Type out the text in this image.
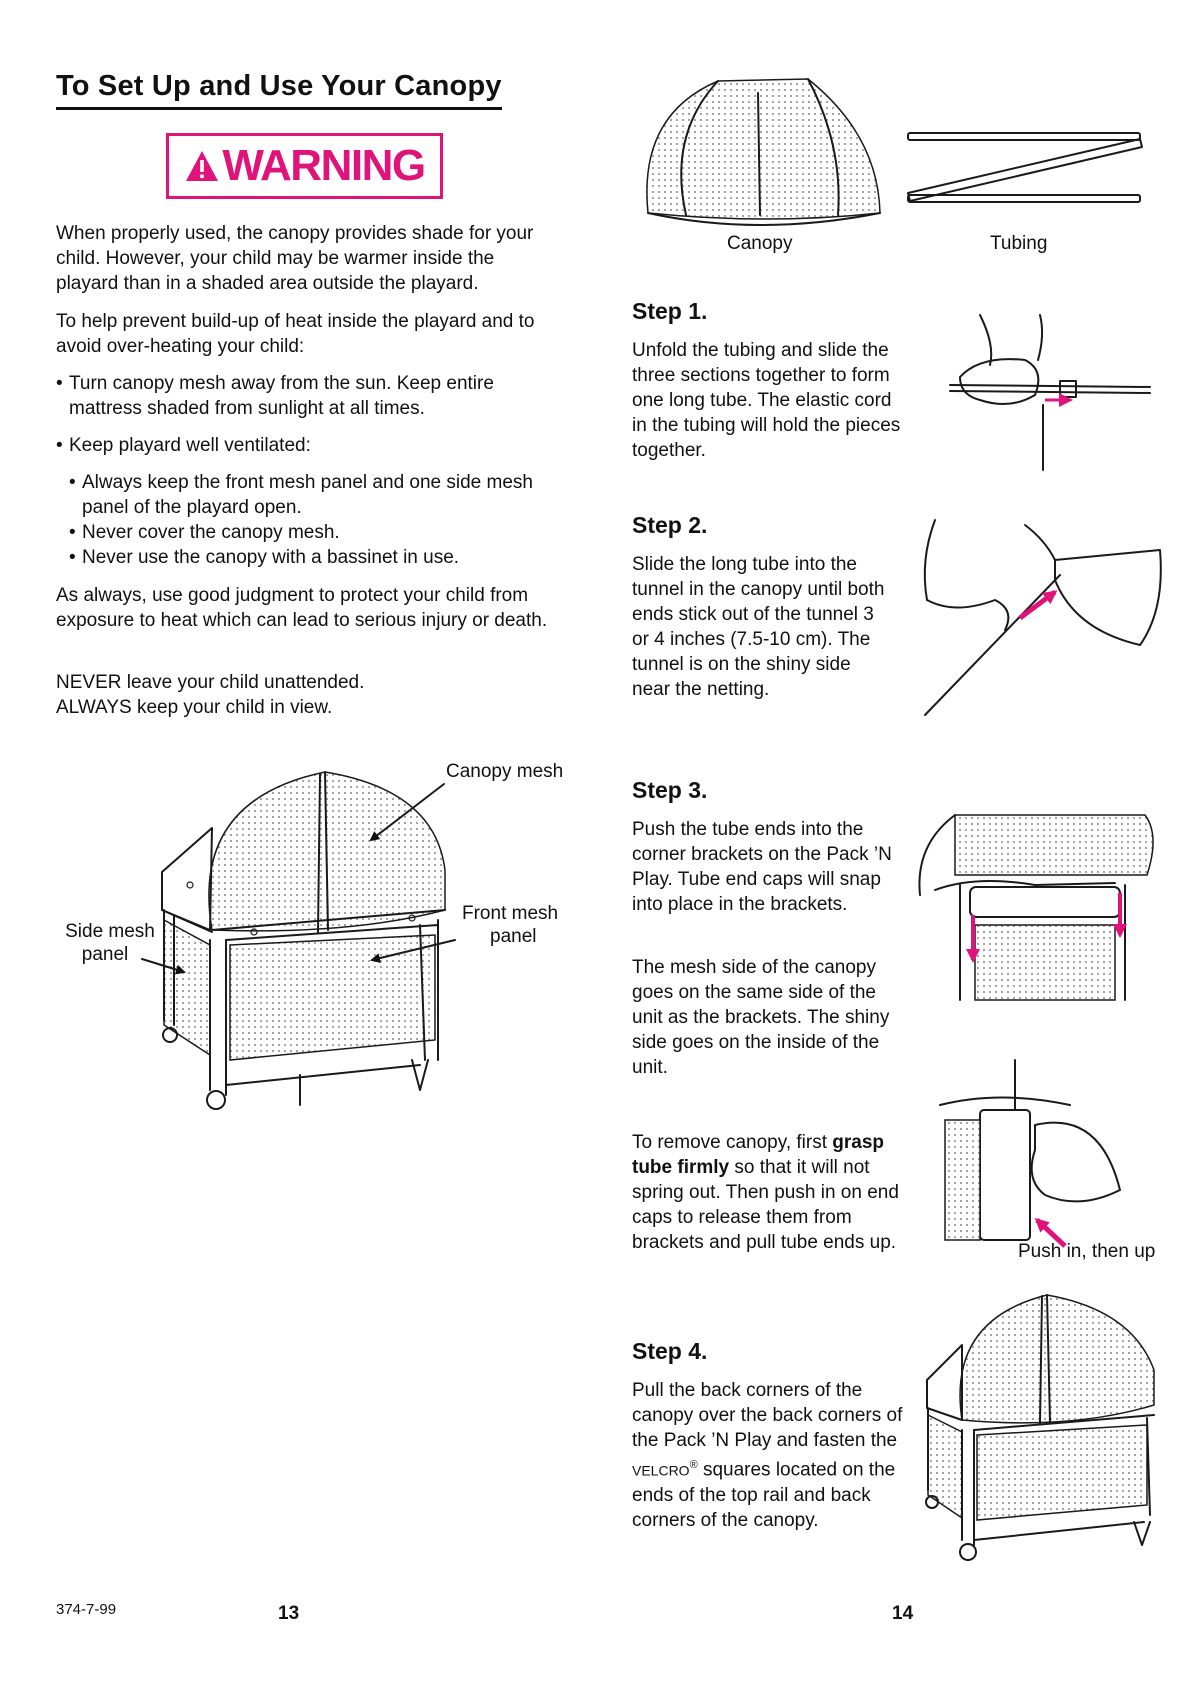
To Set Up and Use Your Canopy
WARNING

When properly used, the canopy provides shade for your child. However, your child may be warmer inside the playard than in a shaded area outside the playard.

To help prevent build-up of heat inside the playard and to avoid over-heating your child:

• Turn canopy mesh away from the sun. Keep entire mattress shaded from sunlight at all times.
• Keep playard well ventilated:
• Always keep the front mesh panel and one side mesh panel of the playard open.
• Never cover the canopy mesh.
• Never use the canopy with a bassinet in use.

As always, use good judgment to protect your child from exposure to heat which can lead to serious injury or death.

NEVER leave your child unattended.

ALWAYS keep your child in view.

Canopy mesh
Side mesh
panel
Front mesh
panel
Canopy	Tubing
Step 1.

Unfold the tubing and slide the three sections together to form one long tube. The elastic cord in the tubing will hold the pieces together.

Step 2.

Slide the long tube into the tunnel in the canopy until both ends stick out of the tunnel 3 or 4 inches (7.5-10 cm). The tunnel is on the shiny side near the netting.

Step 3.

Push the tube ends into the corner brackets on the Pack ’N Play. Tube end caps will snap into place in the brackets.

The mesh side of the canopy goes on the same side of the unit as the brackets. The shiny side goes on the inside of the unit.

To remove canopy, first grasp tube firmly so that it will not spring out. Then push in on end caps to release them from brackets and pull tube ends up.	Push in, then up
Step 4.

Pull the back corners of the canopy over the back corners of the Pack ’N Play and fasten the VELCRO® squares located on the ends of the top rail and back corners of the canopy.

374-7-99	13	14
